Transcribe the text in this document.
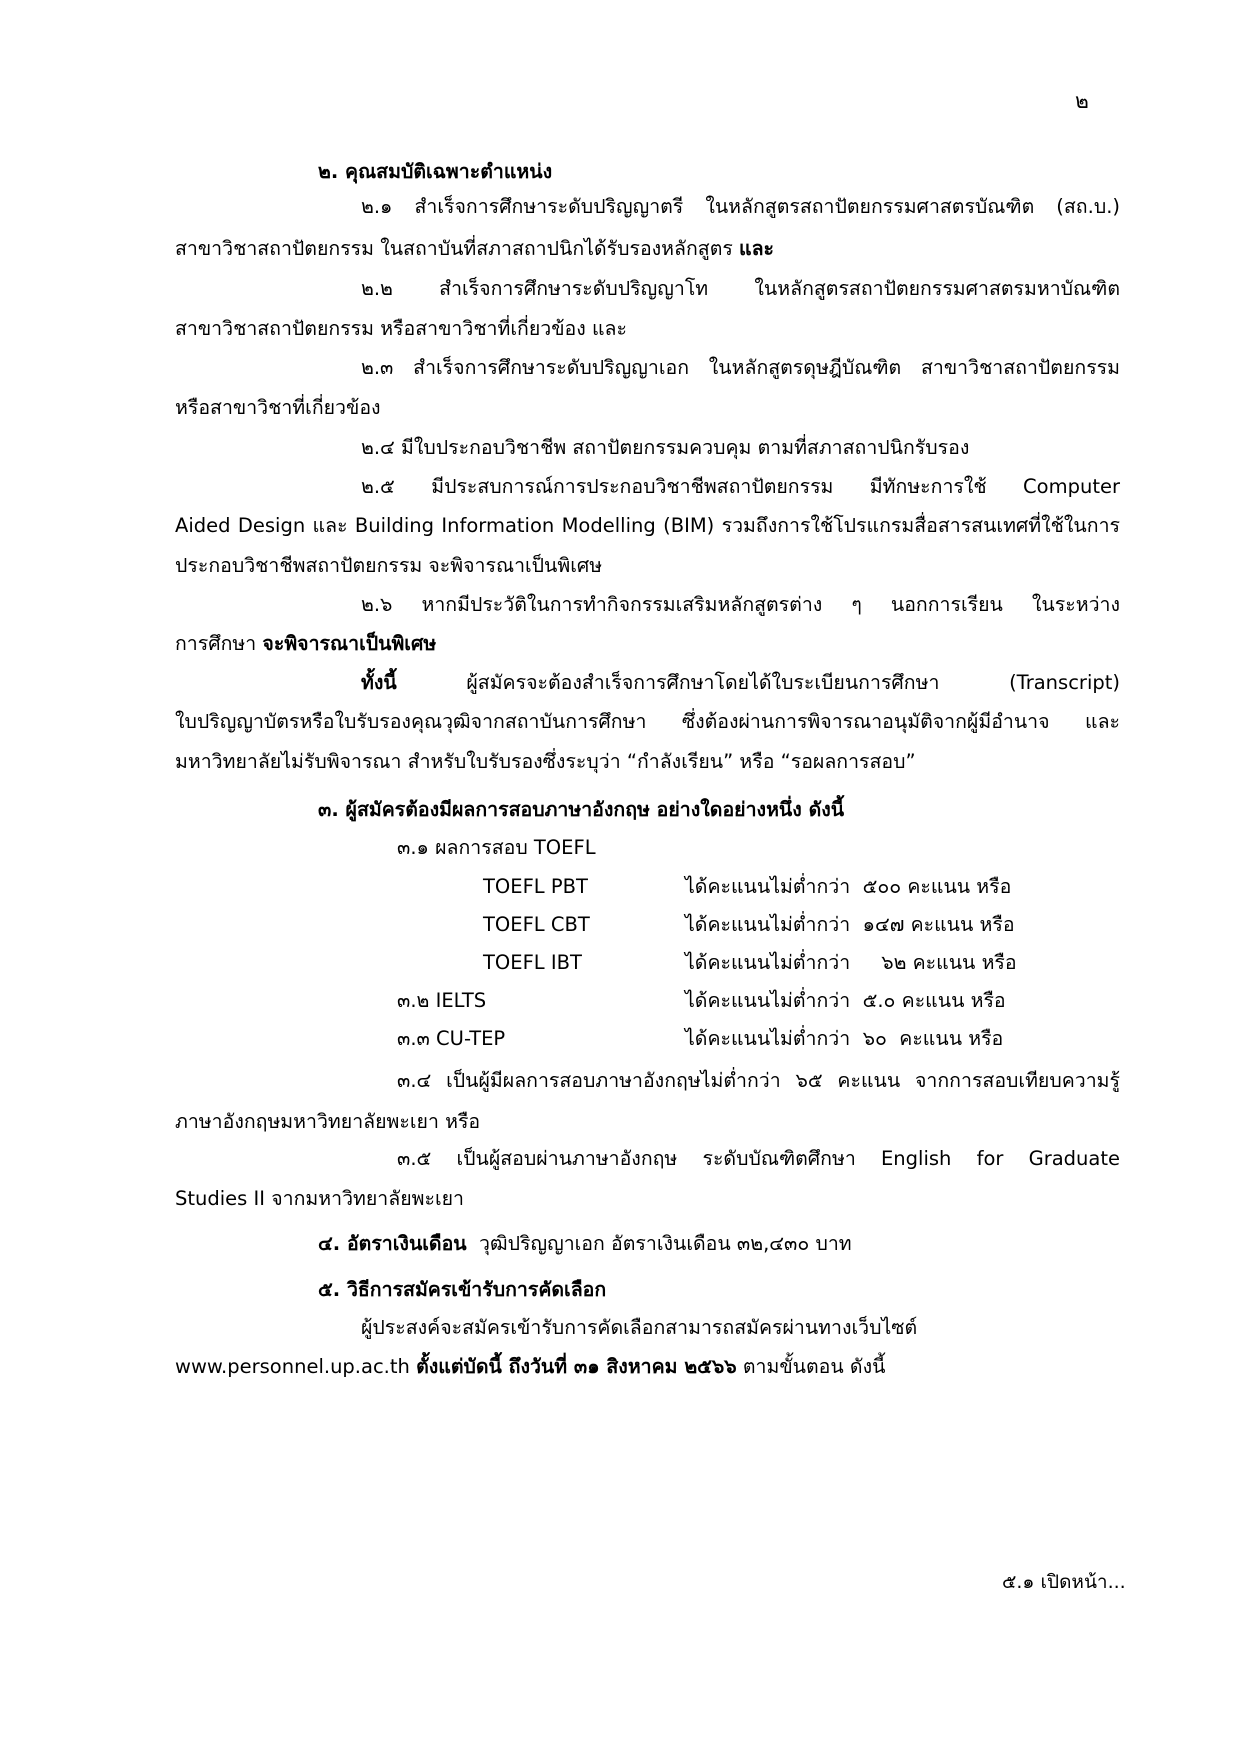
๒
๒. คุณสมบัติเฉพาะตำแหน่ง
๒.๑ สำเร็จการศึกษาระดับปริญญาตรี ในหลักสูตรสถาปัตยกรรมศาสตรบัณฑิต (สถ.บ.)
สาขาวิชาสถาปัตยกรรม ในสถาบันที่สภาสถาปนิกได้รับรองหลักสูตร และ
๒.๒ สำเร็จการศึกษาระดับปริญญาโท ในหลักสูตรสถาปัตยกรรมศาสตรมหาบัณฑิต
สาขาวิชาสถาปัตยกรรม หรือสาขาวิชาที่เกี่ยวข้อง และ
๒.๓ สำเร็จการศึกษาระดับปริญญาเอก ในหลักสูตรดุษฎีบัณฑิต สาขาวิชาสถาปัตยกรรม
หรือสาขาวิชาที่เกี่ยวข้อง
๒.๔ มีใบประกอบวิชาชีพ สถาปัตยกรรมควบคุม ตามที่สภาสถาปนิกรับรอง
๒.๕ มีประสบการณ์การประกอบวิชาชีพสถาปัตยกรรม มีทักษะการใช้ Computer
Aided Design และ Building Information Modelling (BIM) รวมถึงการใช้โปรแกรมสื่อสารสนเทศที่ใช้ในการ
ประกอบวิชาชีพสถาปัตยกรรม จะพิจารณาเป็นพิเศษ
๒.๖ หากมีประวัติในการทำกิจกรรมเสริมหลักสูตรต่าง ๆ นอกการเรียน ในระหว่าง
การศึกษา จะพิจารณาเป็นพิเศษ
ทั้งนี้ ผู้สมัครจะต้องสำเร็จการศึกษาโดยได้ใบระเบียนการศึกษา (Transcript)
ใบปริญญาบัตรหรือใบรับรองคุณวุฒิจากสถาบันการศึกษา ซึ่งต้องผ่านการพิจารณาอนุมัติจากผู้มีอำนาจ และ
มหาวิทยาลัยไม่รับพิจารณา สำหรับใบรับรองซึ่งระบุว่า “กำลังเรียน” หรือ “รอผลการสอบ”
๓. ผู้สมัครต้องมีผลการสอบภาษาอังกฤษ อย่างใดอย่างหนึ่ง ดังนี้
๓.๑ ผลการสอบ TOEFL
TOEFL PBT	ได้คะแนนไม่ต่ำกว่า  ๕๐๐ คะแนน หรือ
TOEFL CBT	ได้คะแนนไม่ต่ำกว่า  ๑๔๗ คะแนน หรือ
TOEFL IBT	ได้คะแนนไม่ต่ำกว่า     ๖๒ คะแนน หรือ
๓.๒ IELTS	ได้คะแนนไม่ต่ำกว่า  ๕.๐ คะแนน หรือ
๓.๓ CU-TEP	ได้คะแนนไม่ต่ำกว่า  ๖๐  คะแนน หรือ
๓.๔ เป็นผู้มีผลการสอบภาษาอังกฤษไม่ต่ำกว่า ๖๕ คะแนน จากการสอบเทียบความรู้
ภาษาอังกฤษมหาวิทยาลัยพะเยา หรือ
๓.๕ เป็นผู้สอบผ่านภาษาอังกฤษ ระดับบัณฑิตศึกษา English for Graduate
Studies II จากมหาวิทยาลัยพะเยา
๔. อัตราเงินเดือน วุฒิปริญญาเอก อัตราเงินเดือน ๓๒,๔๓๐ บาท
๕. วิธีการสมัครเข้ารับการคัดเลือก
ผู้ประสงค์จะสมัครเข้ารับการคัดเลือกสามารถสมัครผ่านทางเว็บไซต์
www.personnel.up.ac.th ตั้งแต่บัดนี้ ถึงวันที่ ๓๑ สิงหาคม ๒๕๖๖ ตามขั้นตอน ดังนี้
๕.๑ เปิดหน้า...
